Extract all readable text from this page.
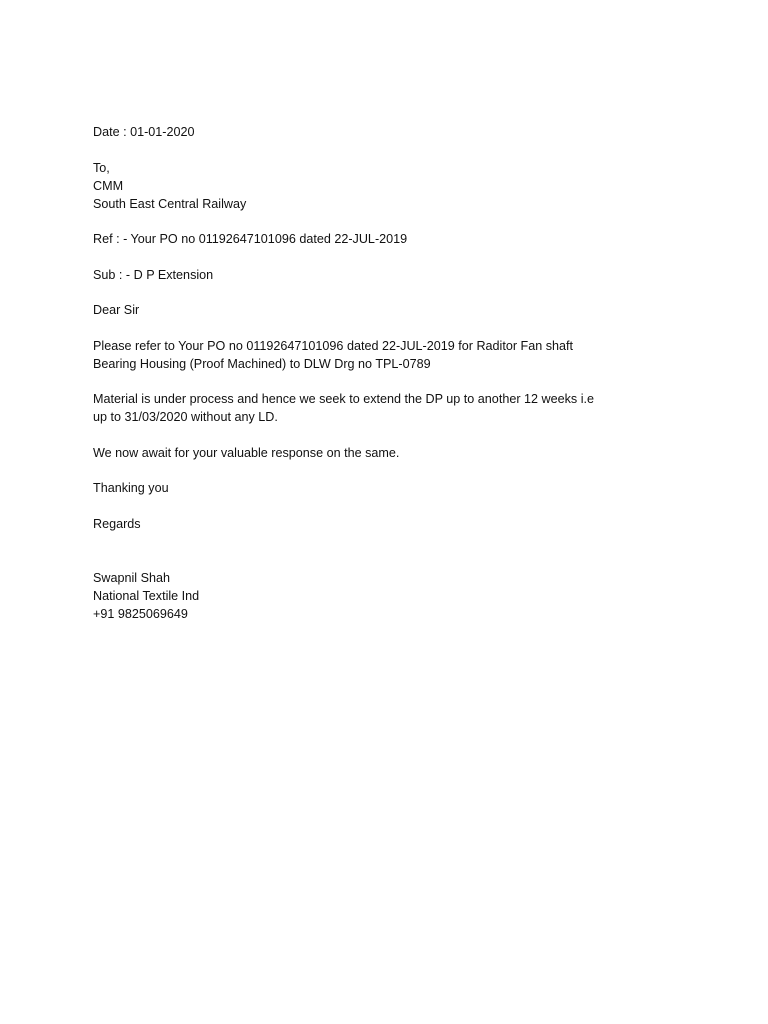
Date : 01-01-2020
To,
CMM
South East Central Railway
Ref : - Your PO no 01192647101096 dated 22-JUL-2019
Sub : - D P Extension
Dear Sir
Please refer to Your PO no 01192647101096 dated 22-JUL-2019 for Raditor Fan shaft
Bearing Housing (Proof Machined) to DLW Drg no TPL-0789
Material is under process and hence we seek to extend the DP up to another 12 weeks i.e
up to 31/03/2020 without any LD.
We now await for your valuable response on the same.
Thanking you
Regards
Swapnil Shah
National Textile Ind
+91 9825069649
